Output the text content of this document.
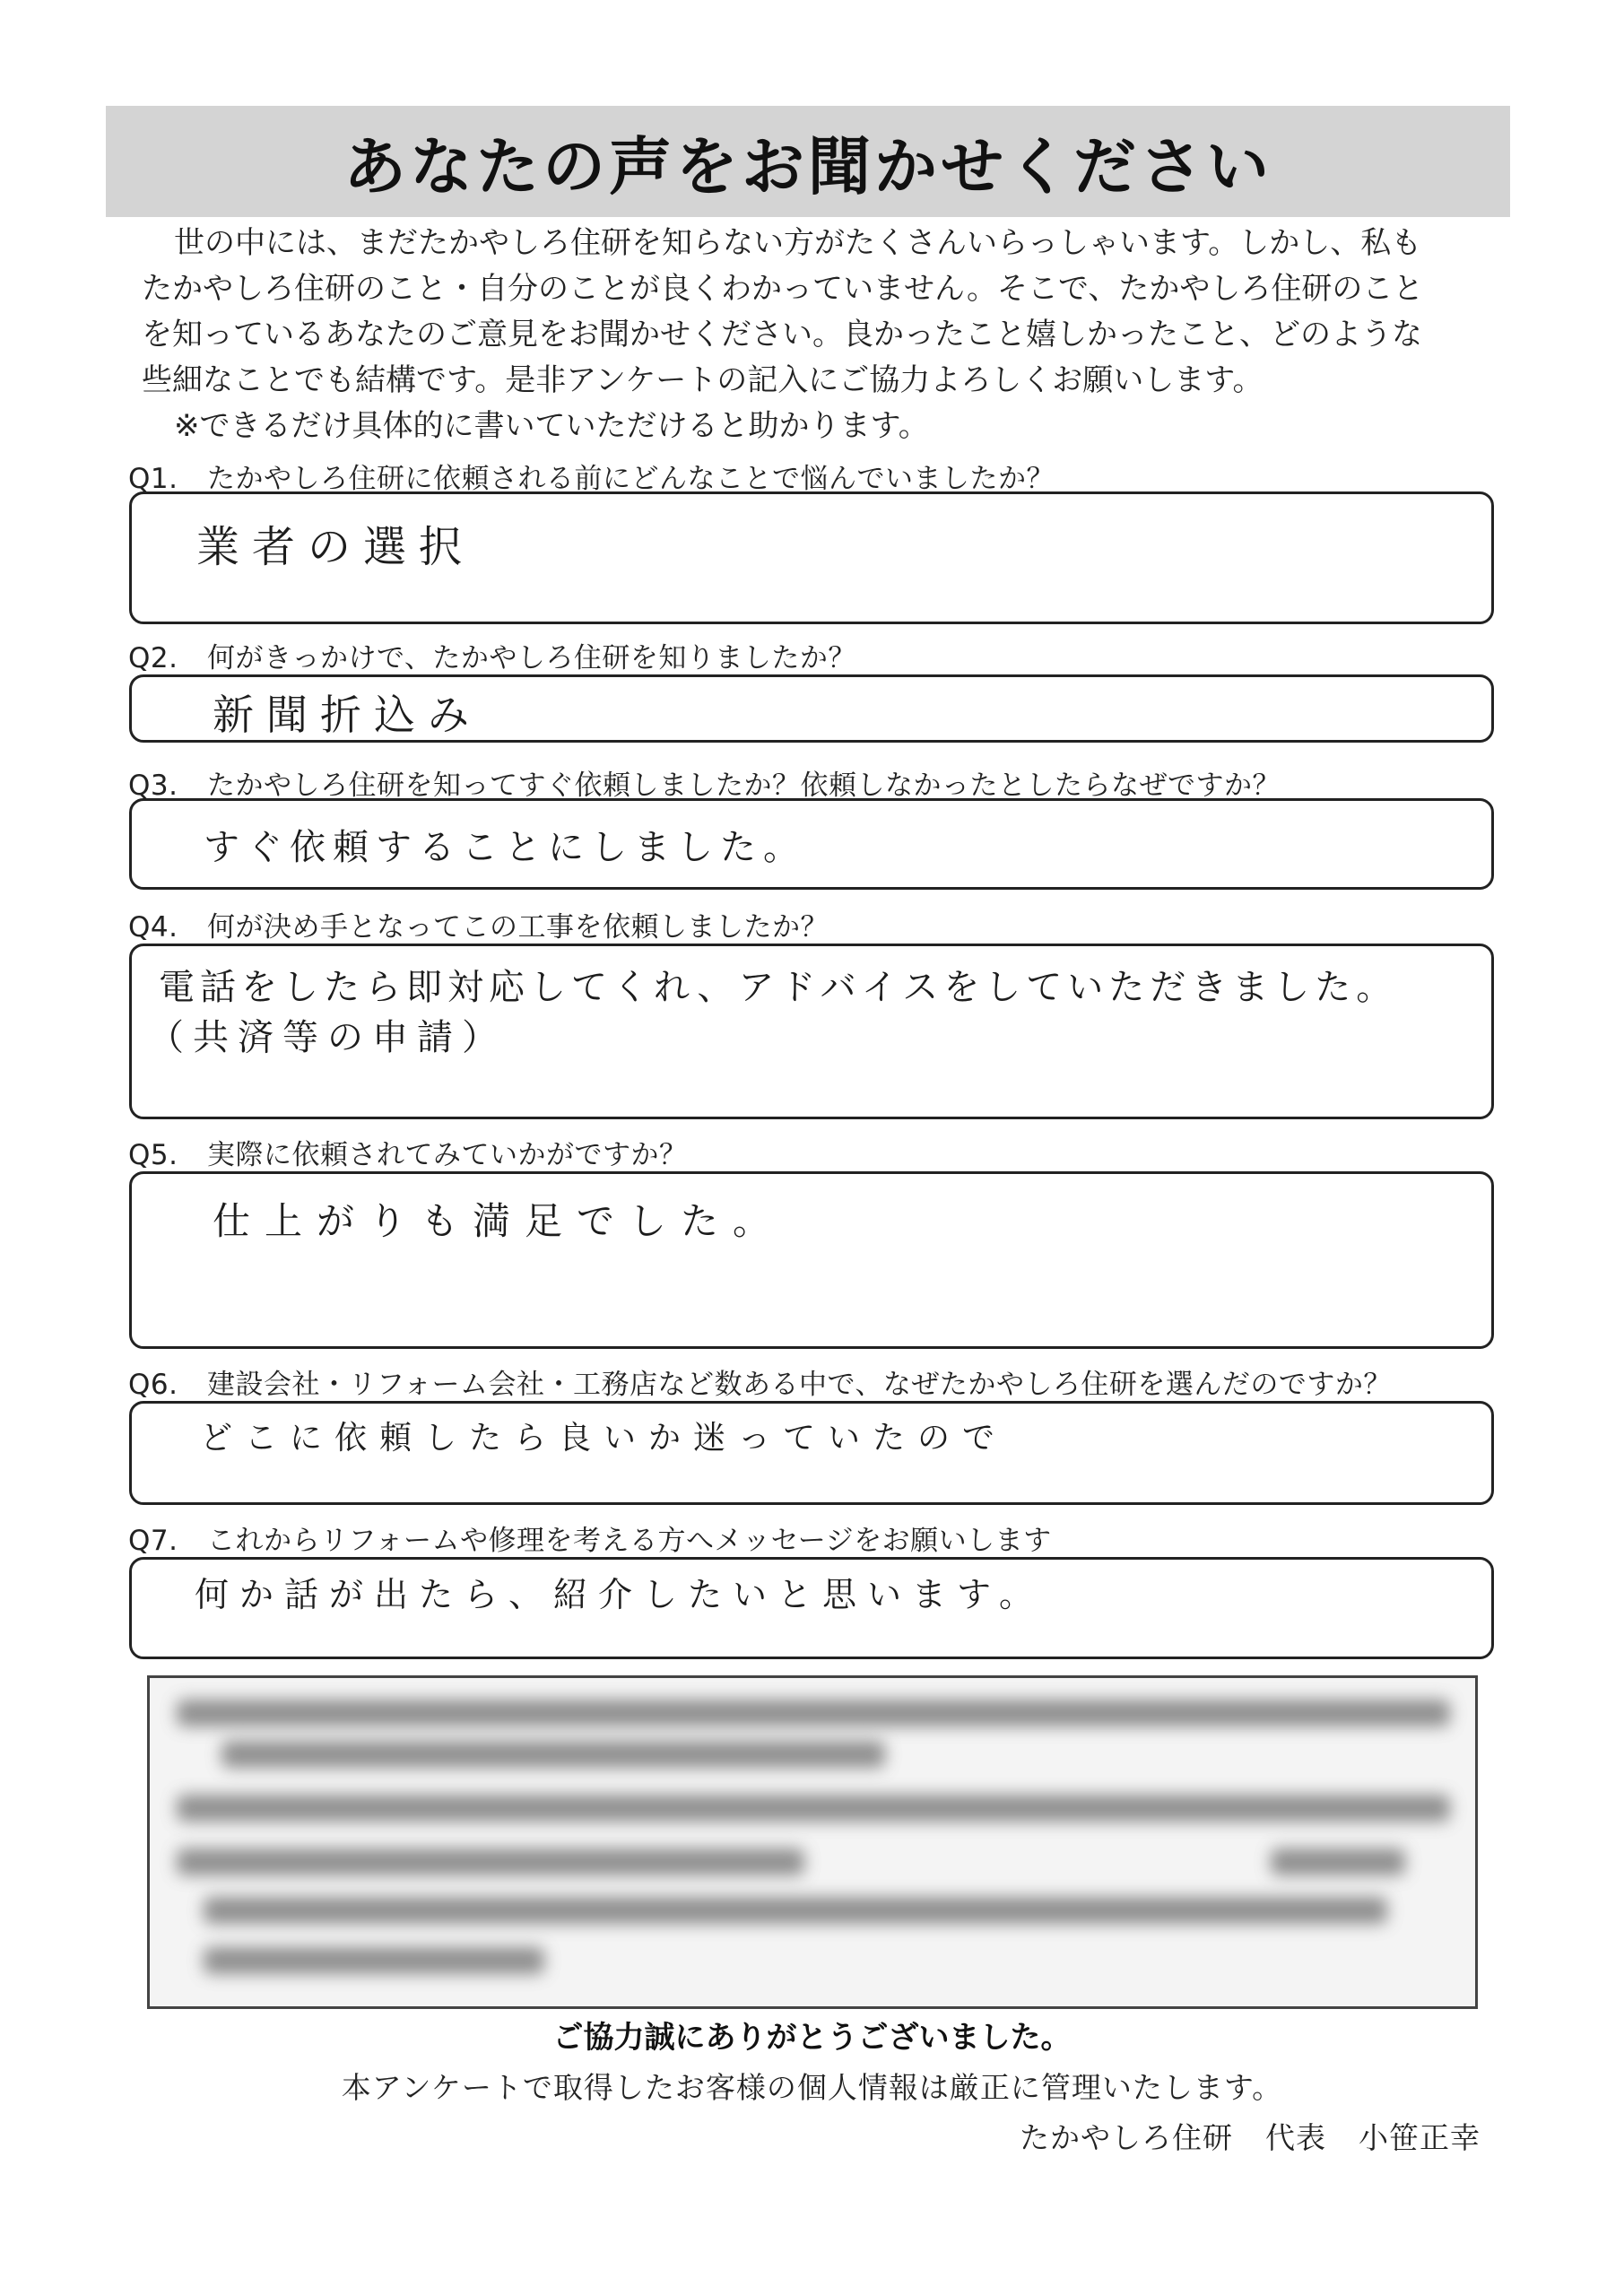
あなたの声をお聞かせください

世の中には、まだたかやしろ住研を知らない方がたくさんいらっしゃいます。しかし、私も

たかやしろ住研のこと・自分のことが良くわかっていません。そこで、たかやしろ住研のこと

を知っているあなたのご意見をお聞かせください。良かったこと嬉しかったこと、どのような

些細なことでも結構です。是非アンケートの記入にご協力よろしくお願いします。

※できるだけ具体的に書いていただけると助かります。

Q1. たかやしろ住研に依頼される前にどんなことで悩んでいましたか？
業者の選択
Q2. 何がきっかけで、たかやしろ住研を知りましたか？
新聞折込み
Q3. たかやしろ住研を知ってすぐ依頼しましたか？依頼しなかったとしたらなぜですか？
すぐ依頼することにしました。
Q4. 何が決め手となってこの工事を依頼しましたか？
電話をしたら即対応してくれ、アドバイスをしていただきました。
（共済等の申請）
Q5. 実際に依頼されてみていかがですか？
仕上がりも満足でした。
Q6. 建設会社・リフォーム会社・工務店など数ある中で、なぜたかやしろ住研を選んだのですか？
どこに依頼したら良いか迷っていたので
Q7. これからリフォームや修理を考える方へメッセージをお願いします
何か話が出たら、紹介したいと思います。
ご協力誠にありがとうございました。
本アンケートで取得したお客様の個人情報は厳正に管理いたします。
たかやしろ住研 代表 小笹正幸
